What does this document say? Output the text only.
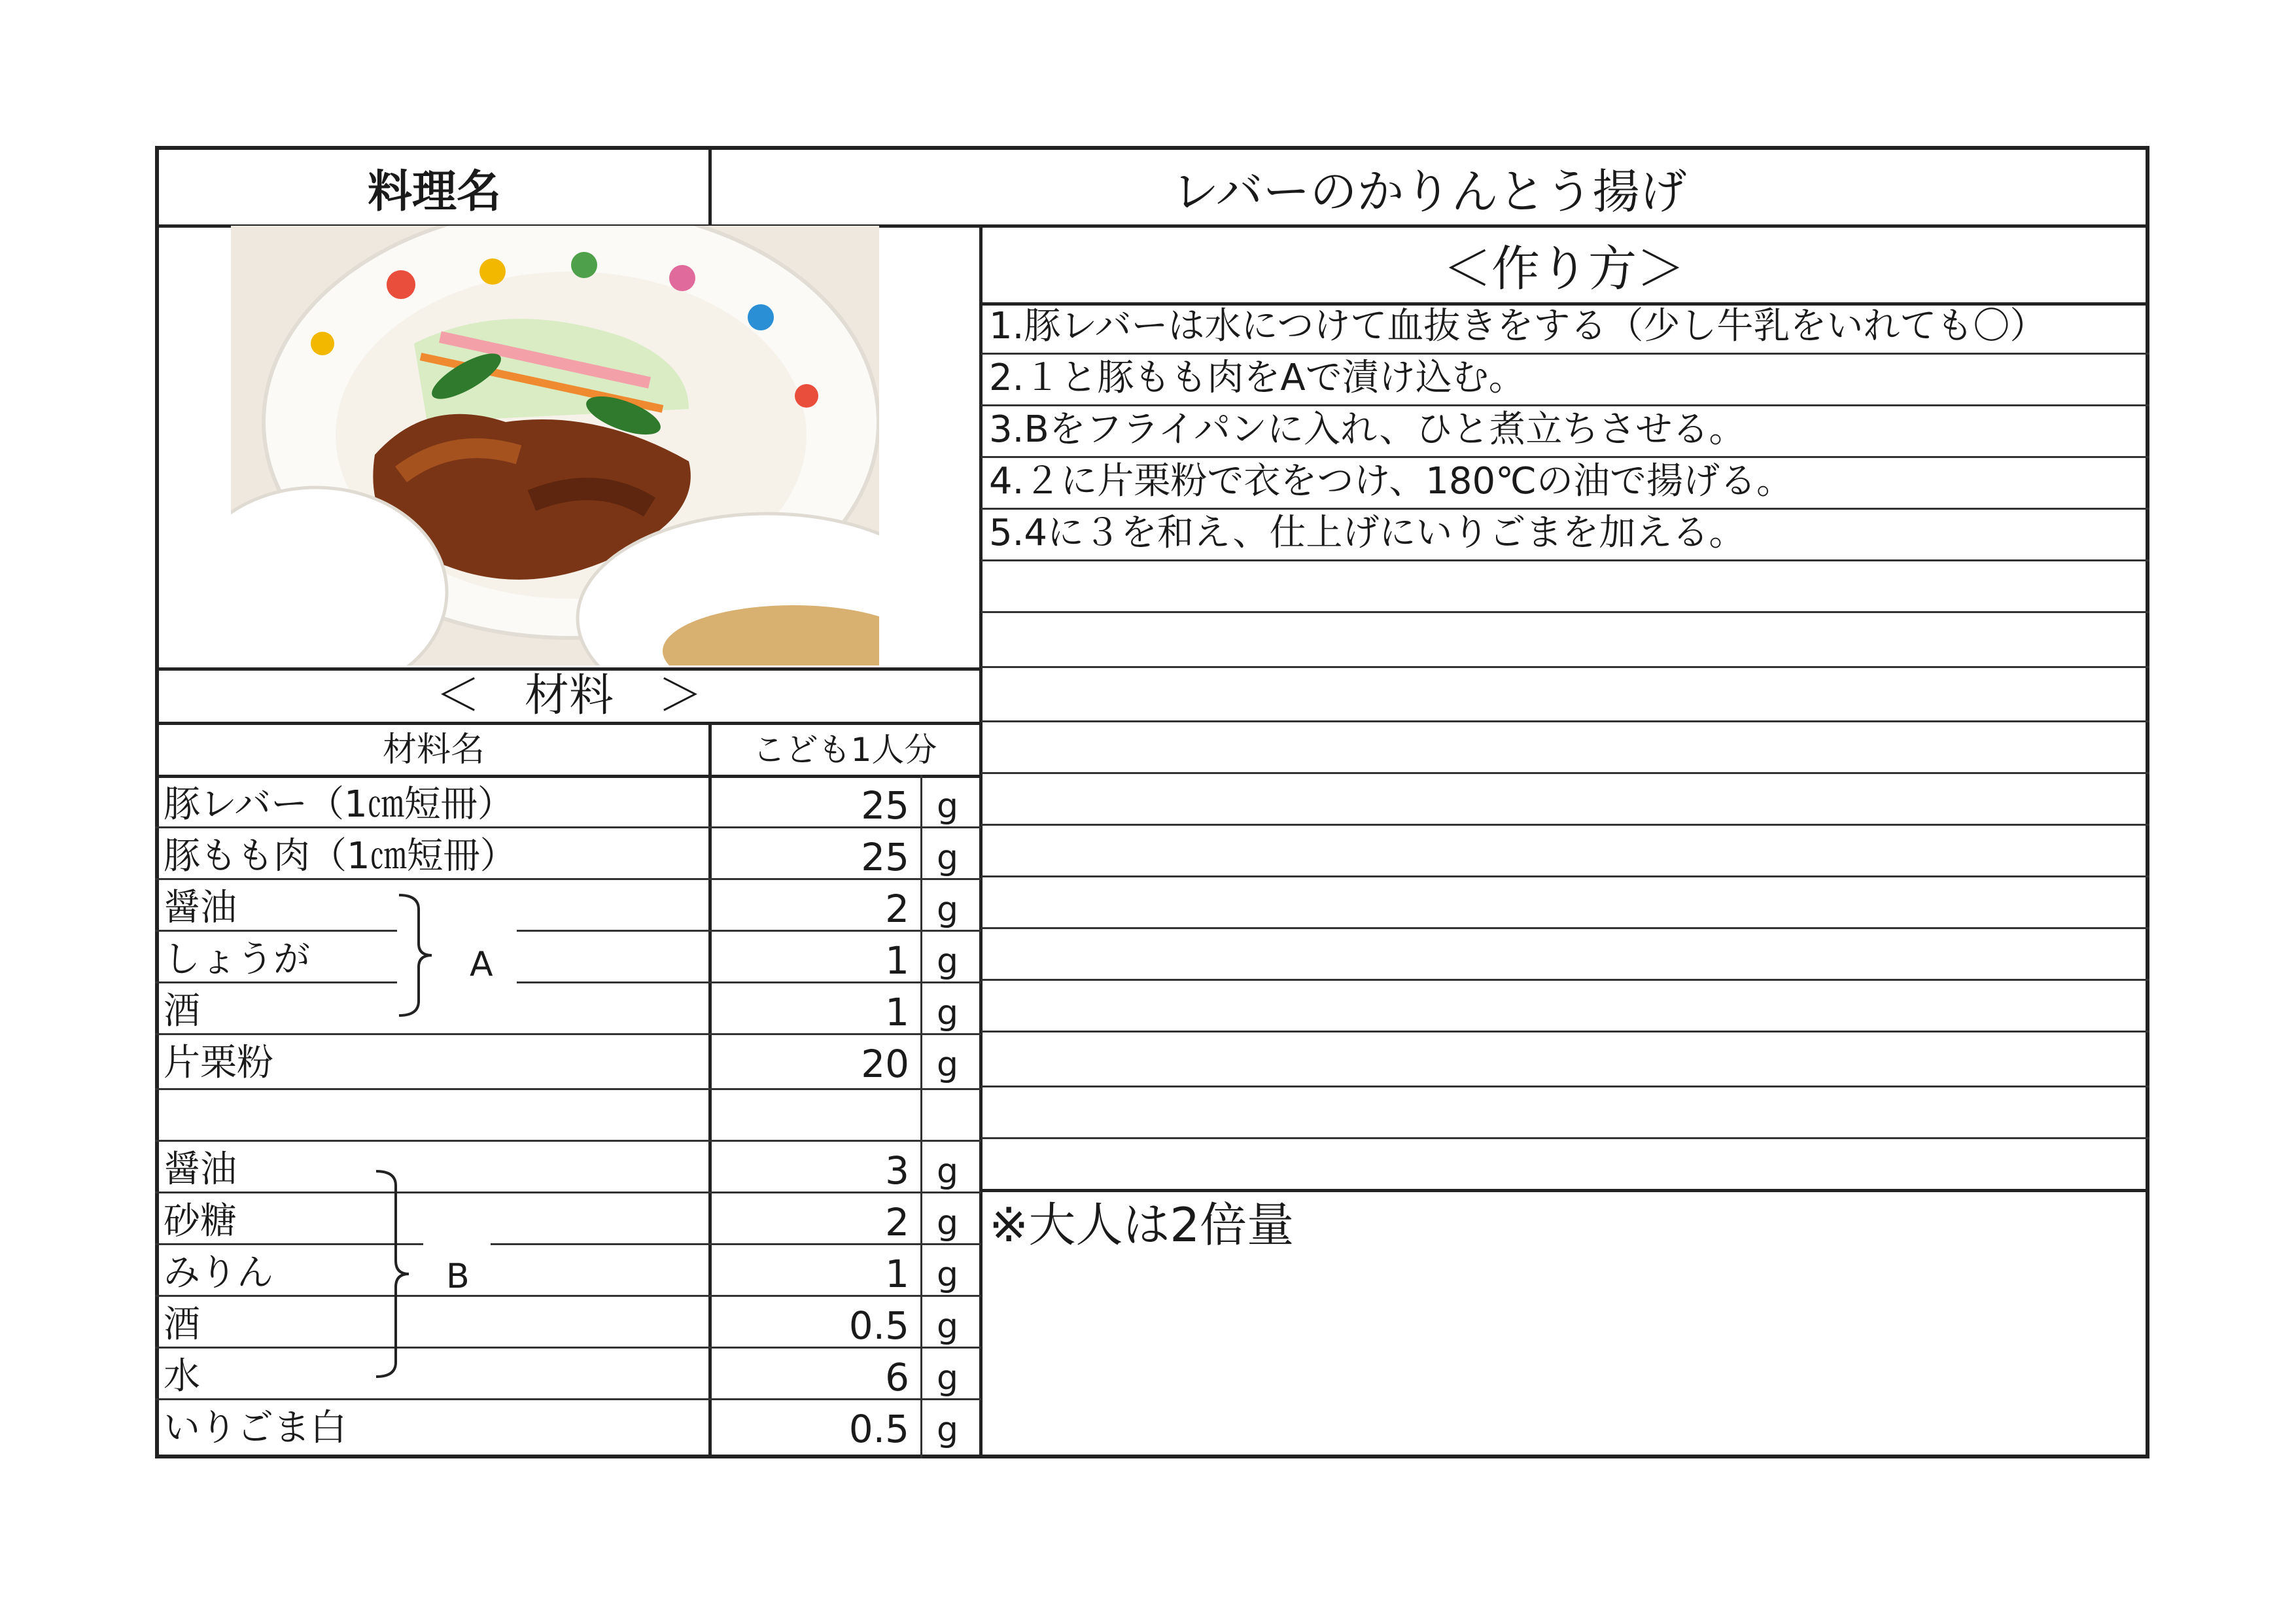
料理名	レバーのかりんとう揚げ
＜作り方＞
1.豚レバーは水につけて血抜きをする（少し牛乳をいれても〇）
2.１と豚もも肉をAで漬け込む。
3.Bをフライパンに入れ、ひと煮立ちさせる。
4.２に片栗粉で衣をつけ、180℃の油で揚げる。
5.4に３を和え、仕上げにいりごまを加える。
※大人は2倍量
＜　材料　＞
材料名	こども1人分
豚レバー（1㎝短冊）	25 g
豚もも肉（1㎝短冊）	25 g
醤油	2 g
しょうが	1 g
酒	1 g
片栗粉	20 g
醤油	3 g
砂糖	2 g
みりん	1 g
酒	0.5 g
水	6 g
いりごま白	0.5 g
A
B
